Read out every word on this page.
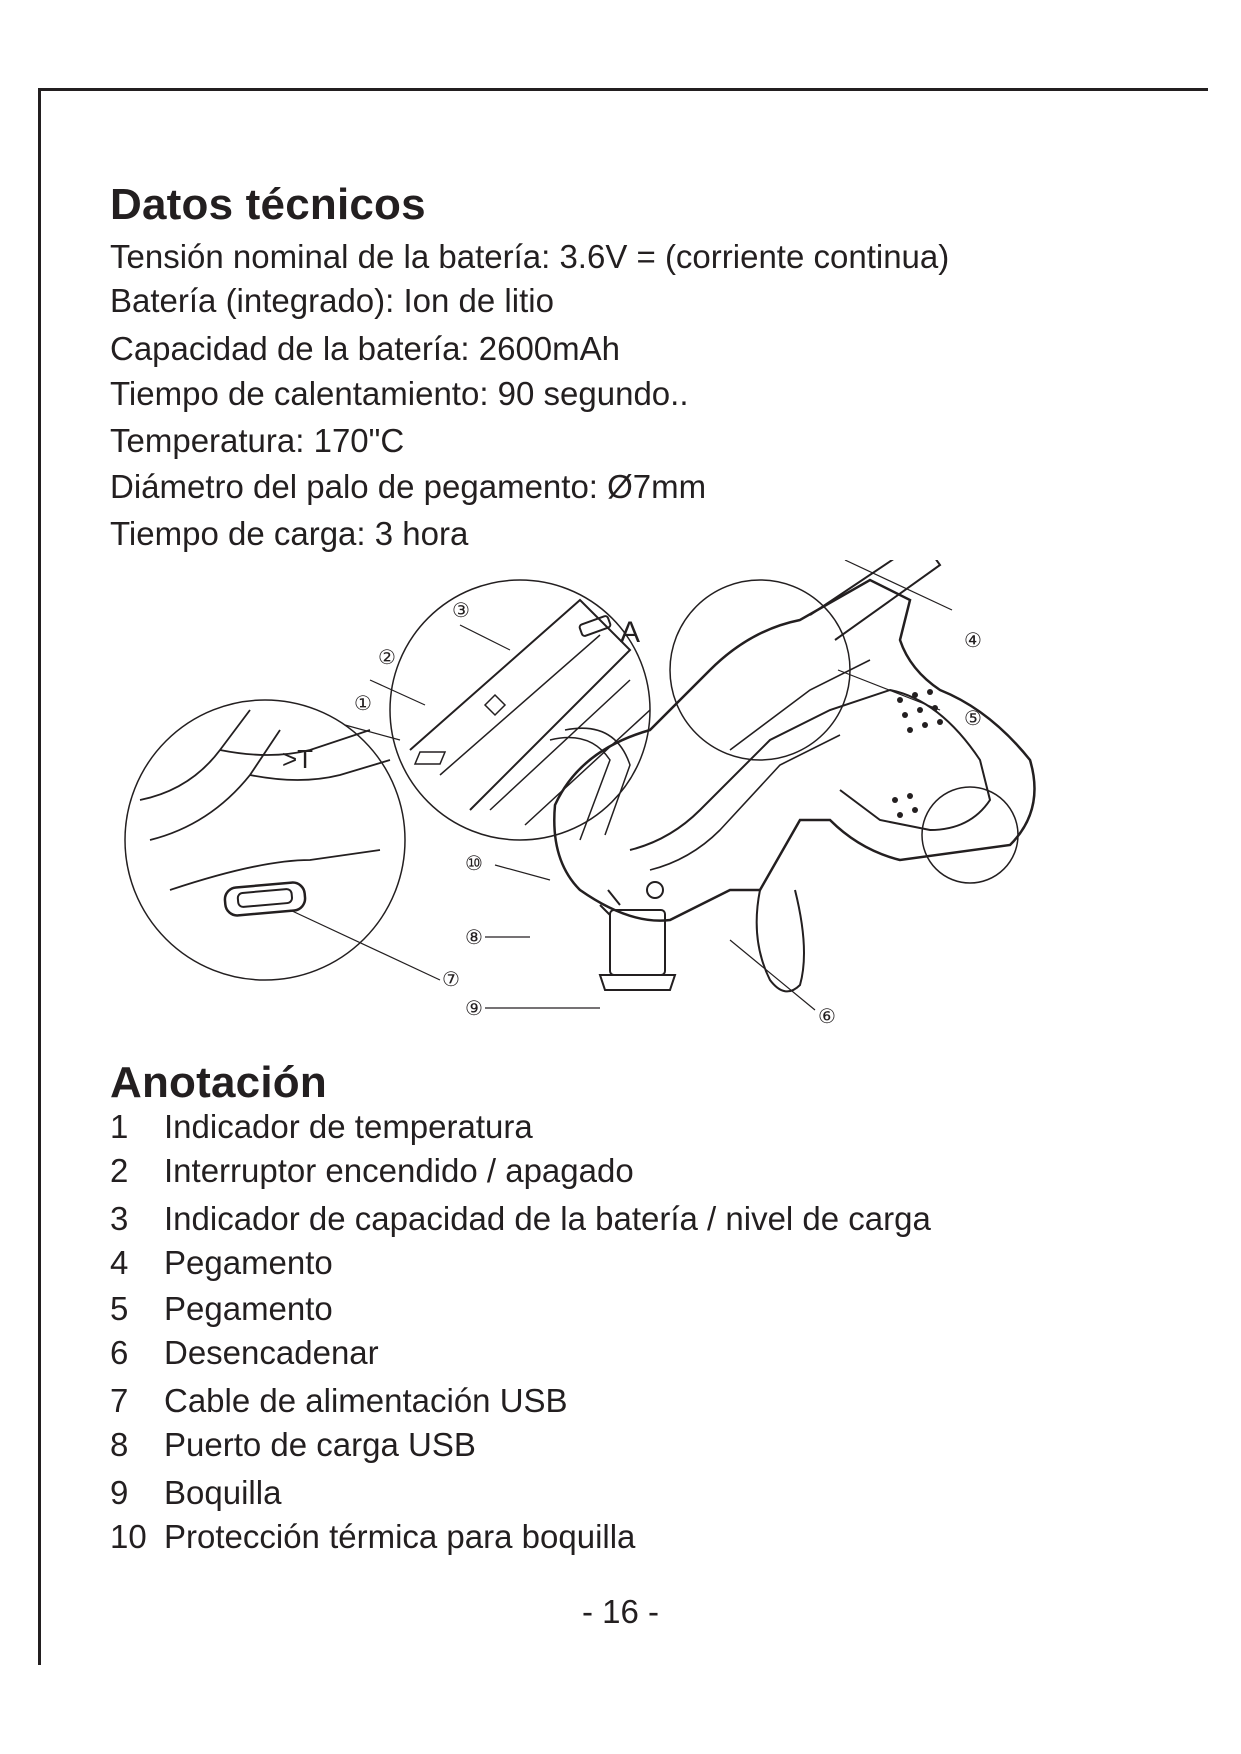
Datos técnicos
Tensión nominal de la batería: 3.6V = (corriente continua)
Batería (integrado): Ion de litio
Capacidad de la batería: 2600mAh
Tiempo de calentamiento: 90 segundo..
Temperatura: 170"C
Diámetro del palo de pegamento: Ø7mm
Tiempo de carga: 3 hora
>T
A
①
②
③
④
⑤
⑥
⑦
⑧
⑨
⑩
Anotación
1 Indicador de temperatura
2 Interruptor encendido / apagado
3 Indicador de capacidad de la batería / nivel de carga
4 Pegamento
5 Pegamento
6 Desencadenar
7 Cable de alimentación USB
8 Puerto de carga USB
9 Boquilla
10 Protección térmica para boquilla
- 16 -
